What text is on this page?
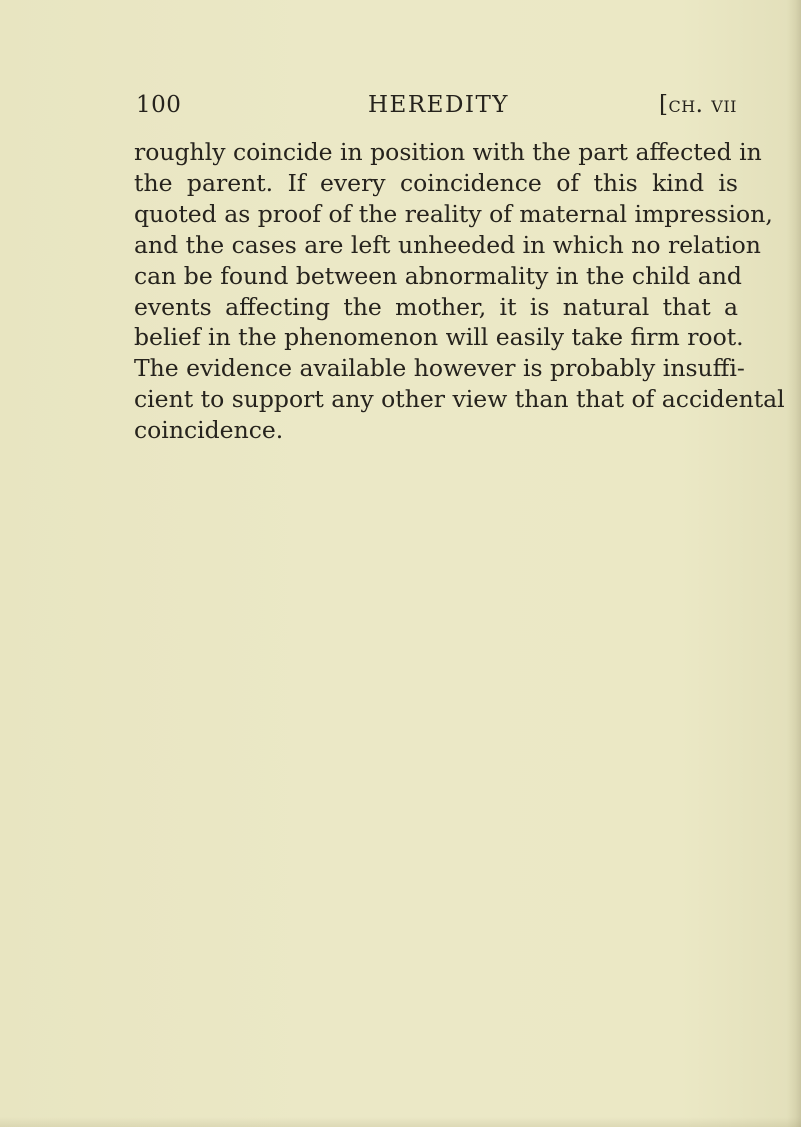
100	HEREDITY	[ch. vii
roughly coincide in position with the part affected in
the parent. If every coincidence of this kind is
quoted as proof of the reality of maternal impression,
and the cases are left unheeded in which no relation
can be found between abnormality in the child and
events affecting the mother, it is natural that a
belief in the phenomenon will easily take firm root.
The evidence available however is probably insuffi-
cient to support any other view than that of accidental
coincidence.
